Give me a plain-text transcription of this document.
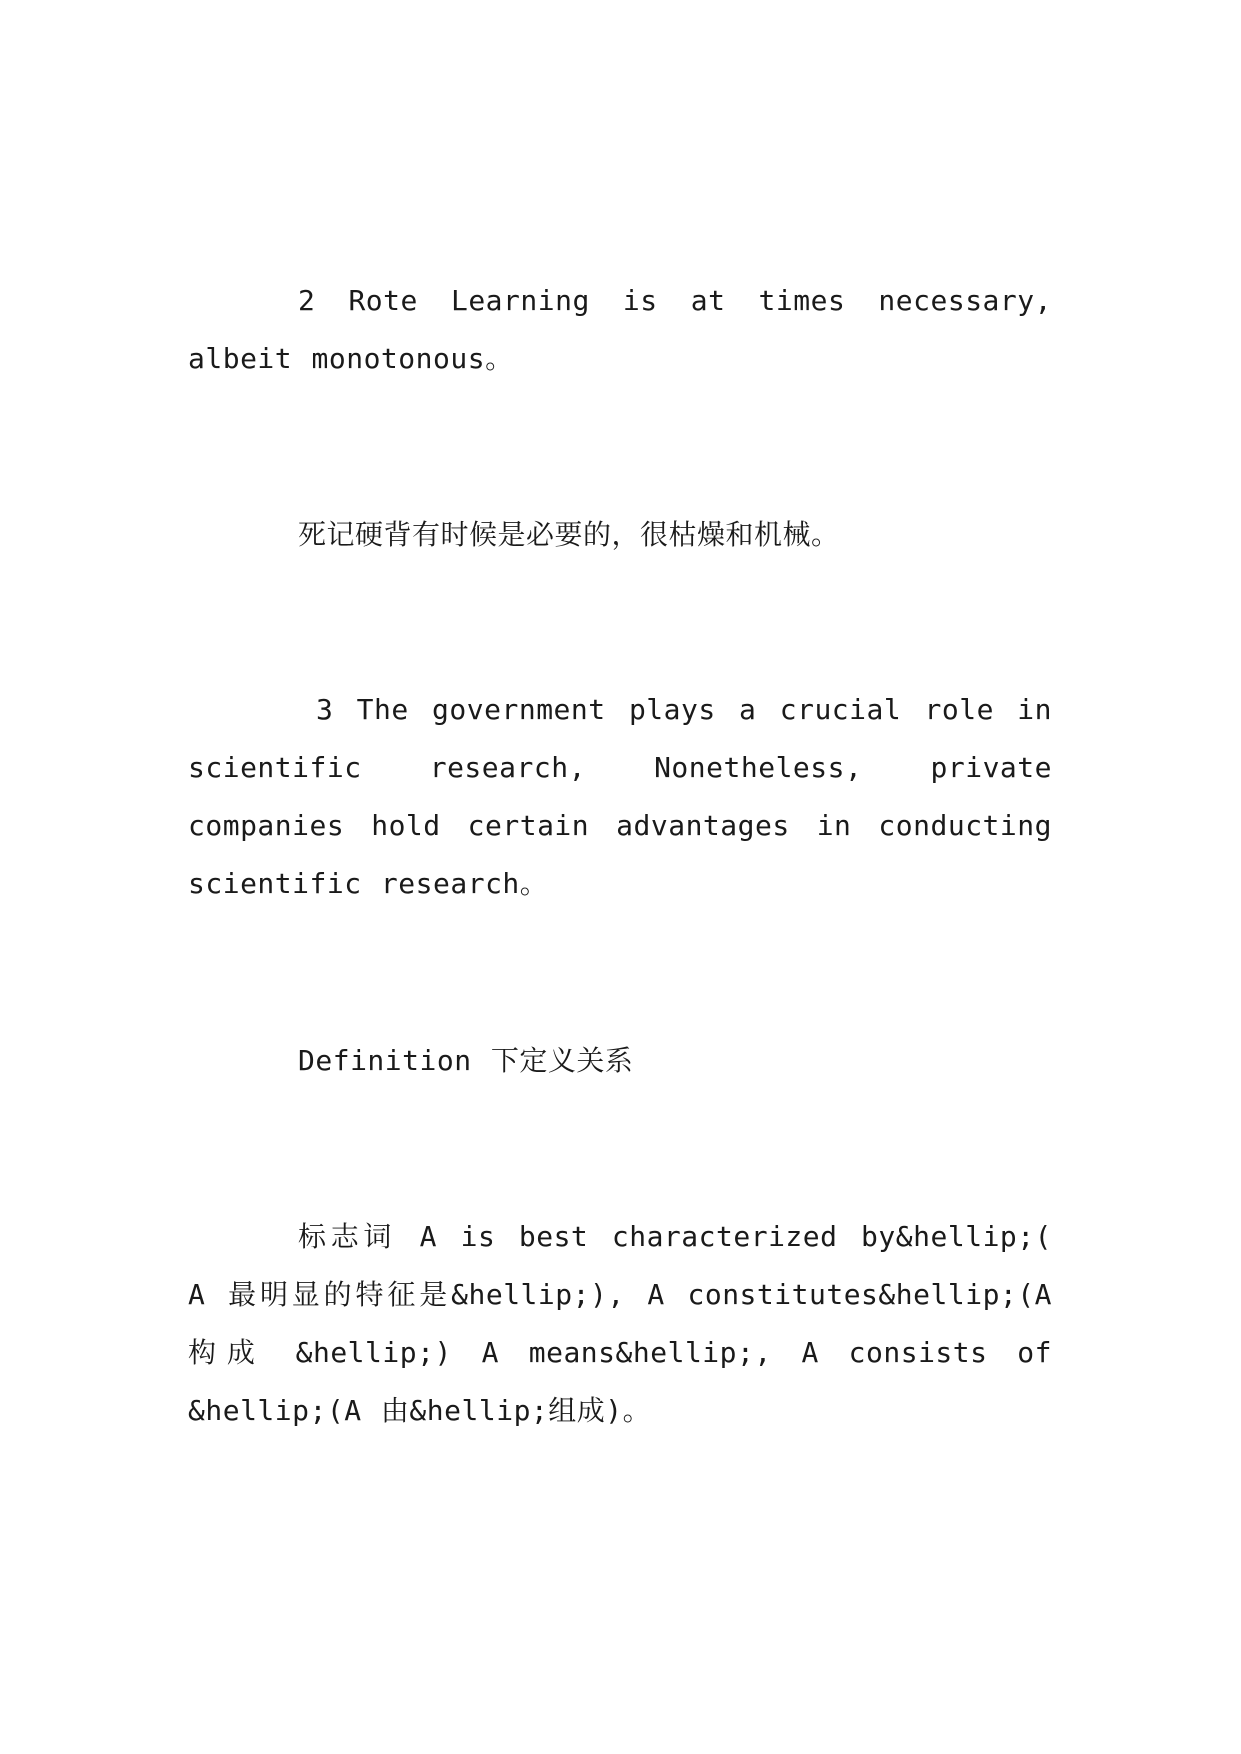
2 Rote Learning is at times necessary, albeit monotonous。

死记硬背有时候是必要的，很枯燥和机械。

3 The government plays a crucial role in scientific research, Nonetheless, private companies hold certain advantages in conducting scientific research。

Definition 下定义关系

标志词 A is best characterized by&hellip;( A 最明显的特征是&hellip;), A constitutes&hellip;(A 构成 &hellip;) A means&hellip;, A consists of &hellip;(A 由&hellip;组成)。
